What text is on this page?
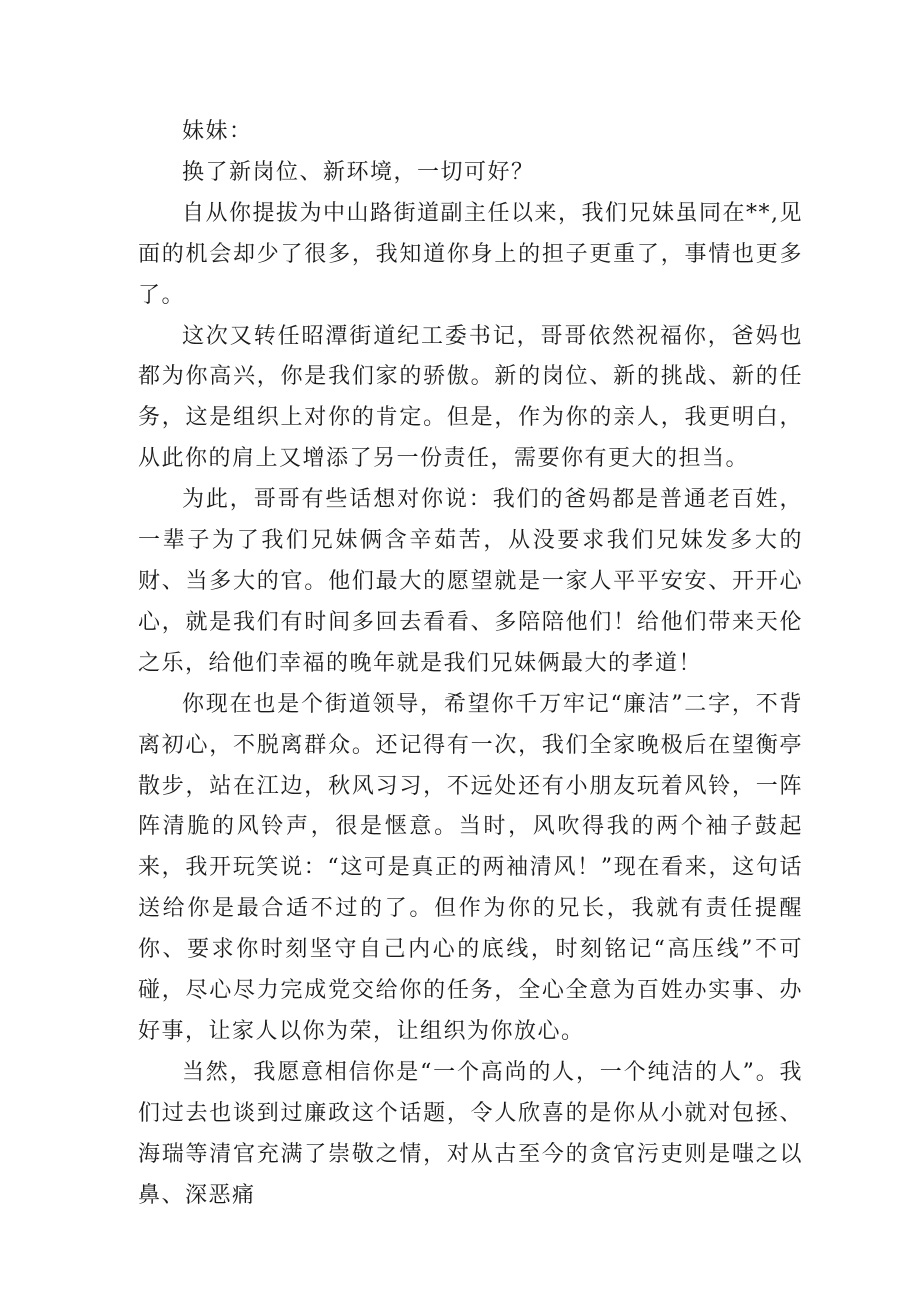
妹妹：

换了新岗位、新环境，一切可好？

自从你提拔为中山路街道副主任以来，我们兄妹虽同在**,见面的机会却少了很多，我知道你身上的担子更重了，事情也更多了。

这次又转任昭潭街道纪工委书记，哥哥依然祝福你，爸妈也都为你高兴，你是我们家的骄傲。新的岗位、新的挑战、新的任务，这是组织上对你的肯定。但是，作为你的亲人，我更明白，从此你的肩上又增添了另一份责任，需要你有更大的担当。

为此，哥哥有些话想对你说：我们的爸妈都是普通老百姓，一辈子为了我们兄妹俩含辛茹苦，从没要求我们兄妹发多大的财、当多大的官。他们最大的愿望就是一家人平平安安、开开心心，就是我们有时间多回去看看、多陪陪他们！给他们带来天伦之乐，给他们幸福的晚年就是我们兄妹俩最大的孝道！

你现在也是个街道领导，希望你千万牢记“廉洁”二字，不背离初心，不脱离群众。还记得有一次，我们全家晚极后在望衡亭散步，站在江边，秋风习习，不远处还有小朋友玩着风铃，一阵阵清脆的风铃声，很是惬意。当时，风吹得我的两个袖子鼓起来，我开玩笑说：“这可是真正的两袖清风！”现在看来，这句话送给你是最合适不过的了。但作为你的兄长，我就有责任提醒你、要求你时刻坚守自己内心的底线，时刻铭记“高压线”不可碰，尽心尽力完成党交给你的任务，全心全意为百姓办实事、办好事，让家人以你为荣，让组织为你放心。

当然，我愿意相信你是“一个高尚的人，一个纯洁的人”。我们过去也谈到过廉政这个话题，令人欣喜的是你从小就对包拯、海瑞等清官充满了崇敬之情，对从古至今的贪官污吏则是嗤之以鼻、深恶痛
